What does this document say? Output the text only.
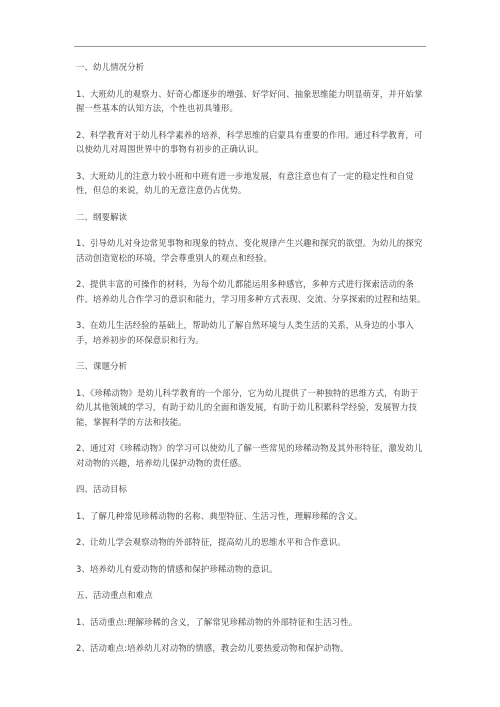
一、幼儿情况分析

1、大班幼儿的观察力、好奇心都逐步的增强、好学好问、抽象思维能力明显萌芽，并开始掌握一些基本的认知方法，个性也初具雏形。

2、科学教育对于幼儿科学素养的培养，科学思维的启蒙具有重要的作用。通过科学教育，可以使幼儿对周围世界中的事物有初步的正确认识。

3、大班幼儿的注意力较小班和中班有进一步地发展，有意注意也有了一定的稳定性和自觉性，但总的来说，幼儿的无意注意仍占优势。

二、纲要解读

1、引导幼儿对身边常见事物和现象的特点、变化规律产生兴趣和探究的欲望。为幼儿的探究活动创造宽松的环境，学会尊重别人的观点和经验。

2、提供丰富的可操作的材料，为每个幼儿都能运用多种感官，多种方式进行探索活动的条件。培养幼儿合作学习的意识和能力，学习用多种方式表现、交流、分享探索的过程和结果。

3、在幼儿生活经验的基础上，帮助幼儿了解自然环境与人类生活的关系，从身边的小事入手，培养初步的环保意识和行为。

三、课题分析

1、《珍稀动物》是幼儿科学教育的一个部分，它为幼儿提供了一种独特的思维方式，有助于幼儿其他领域的学习，有助于幼儿的全面和谐发展，有助于幼儿积累科学经验，发展智力技能，掌握科学的方法和技能。

2、通过对《珍稀动物》的学习可以使幼儿了解一些常见的珍稀动物及其外形特征，激发幼儿对动物的兴趣，培养幼儿保护动物的责任感。

四、活动目标

1、了解几种常见珍稀动物的名称、典型特征、生活习性，理解珍稀的含义。

2、让幼儿学会观察动物的外部特征，提高幼儿的思维水平和合作意识。

3、培养幼儿有爱动物的情感和保护珍稀动物的意识。

五、活动重点和难点

1、活动重点:理解珍稀的含义，了解常见珍稀动物的外部特征和生活习性。

2、活动难点:培养幼儿对动物的情感，教会幼儿要热爱动物和保护动物。
